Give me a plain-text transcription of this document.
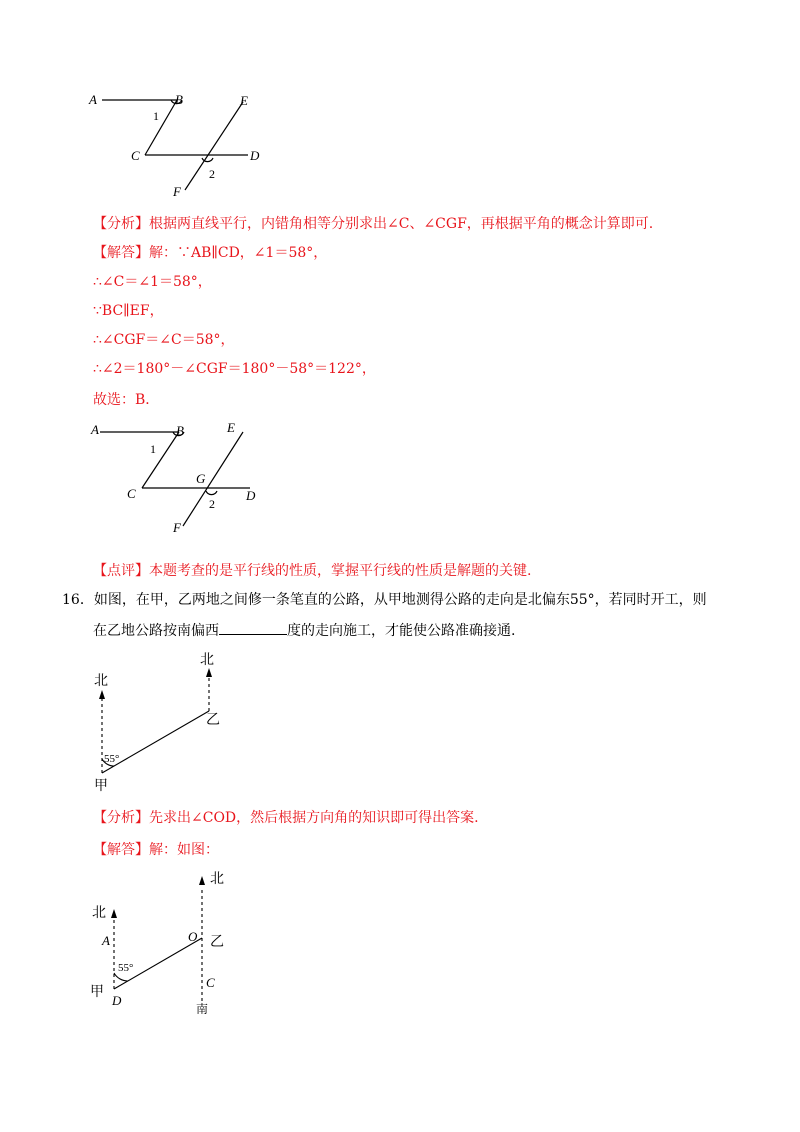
A	B
C	D
E
F
1
2
【分析】根据两直线平行，内错角相等分别求出∠C、∠CGF，再根据平角的概念计算即可.
【解答】解：∵AB∥CD，∠1＝58°，
∴∠C＝∠1＝58°，
∵BC∥EF，
∴∠CGF＝∠C＝58°，
∴∠2＝180°－∠CGF＝180°－58°＝122°，
故选：B．
A	B
C	D
E
F
G
1
2
【点评】本题考查的是平行线的性质，掌握平行线的性质是解题的关键.
16．如图，在甲，乙两地之间修一条笔直的公路，从甲地测得公路的走向是北偏东55°，若同时开工，则
在乙地公路按南偏西	度的走向施工，才能使公路准确接通.
北
北
乙
甲
55°
【分析】先求出∠COD，然后根据方向角的知识即可得出答案.
【解答】解：如图：
北
北
乙
甲
南
A	O
C
D
55°
